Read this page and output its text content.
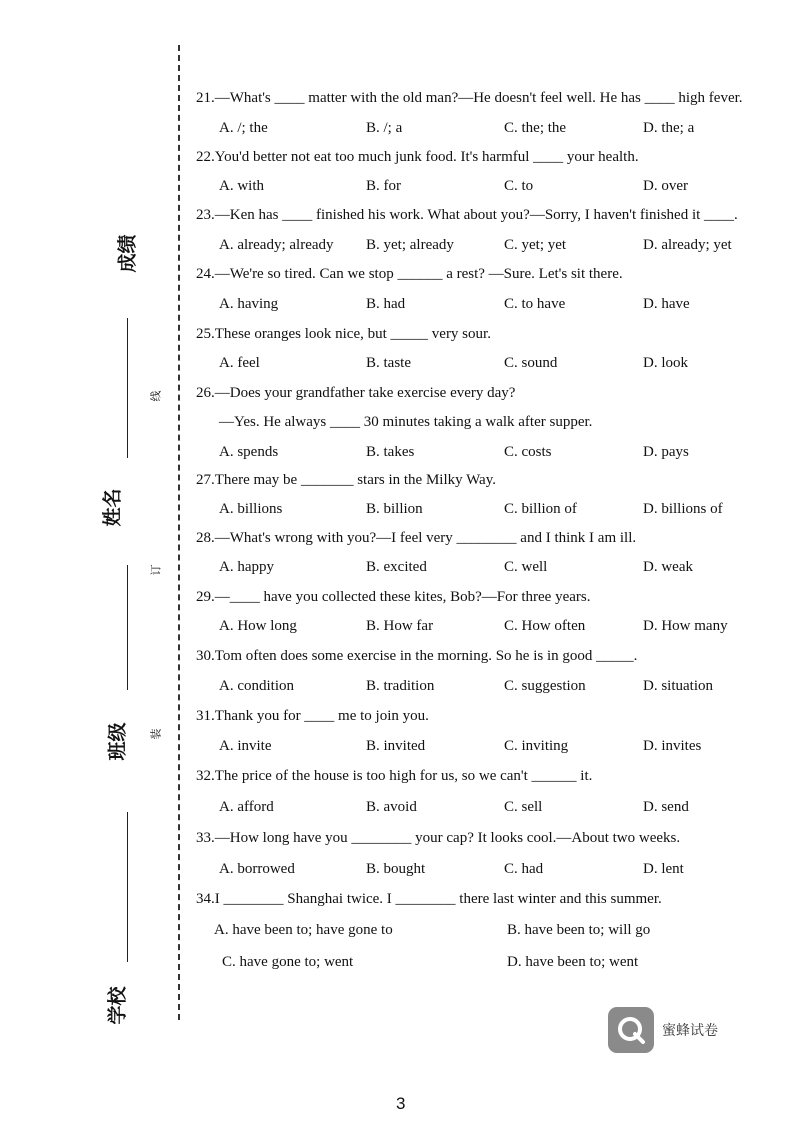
成绩
姓名
班级
学校
线
订
装
21.—What's ____ matter with the old man?—He doesn't feel well. He has ____ high fever.
A. /; the	B. /; a	C. the; the	D. the; a
22.You'd better not eat too much junk food. It's harmful ____ your health.
A. with	B. for	C. to	D. over
23.—Ken has ____ finished his work. What about you?—Sorry, I haven't finished it ____.
A. already; already B. yet; already	C. yet; yet	D. already; yet
24.—We're so tired. Can we stop ______ a rest? —Sure. Let's sit there.
A. having	B. had	C. to have	D. have
25.These oranges look nice, but _____ very sour.
A. feel	B. taste	C. sound	D. look
26.—Does your grandfather take exercise every day?
—Yes. He always ____ 30 minutes taking a walk after supper.
A. spends	B. takes	C. costs	D. pays
27.There may be _______ stars in the Milky Way.
A. billions	B. billion	C. billion of	D. billions of
28.—What's wrong with you?—I feel very ________ and I think I am ill.
A. happy	B. excited	C. well	D. weak
29.—____ have you collected these kites, Bob?—For three years.
A. How long	B. How far	C. How often	D. How many
30.Tom often does some exercise in the morning. So he is in good _____.
A. condition	B. tradition	C. suggestion	D. situation
31.Thank you for ____ me to join you.
A. invite	B. invited	C. inviting	D. invites
32.The price of the house is too high for us, so we can't ______ it.
A. afford	B. avoid	C. sell	D. send
33.—How long have you ________ your cap? It looks cool.—About two weeks.
A. borrowed	B. bought	C. had	D. lent
34.I ________ Shanghai twice. I ________ there last winter and this summer.
A. have been to; have gone to	B. have been to; will go
C. have gone to; went	D. have been to; went
蜜蜂试卷
3
